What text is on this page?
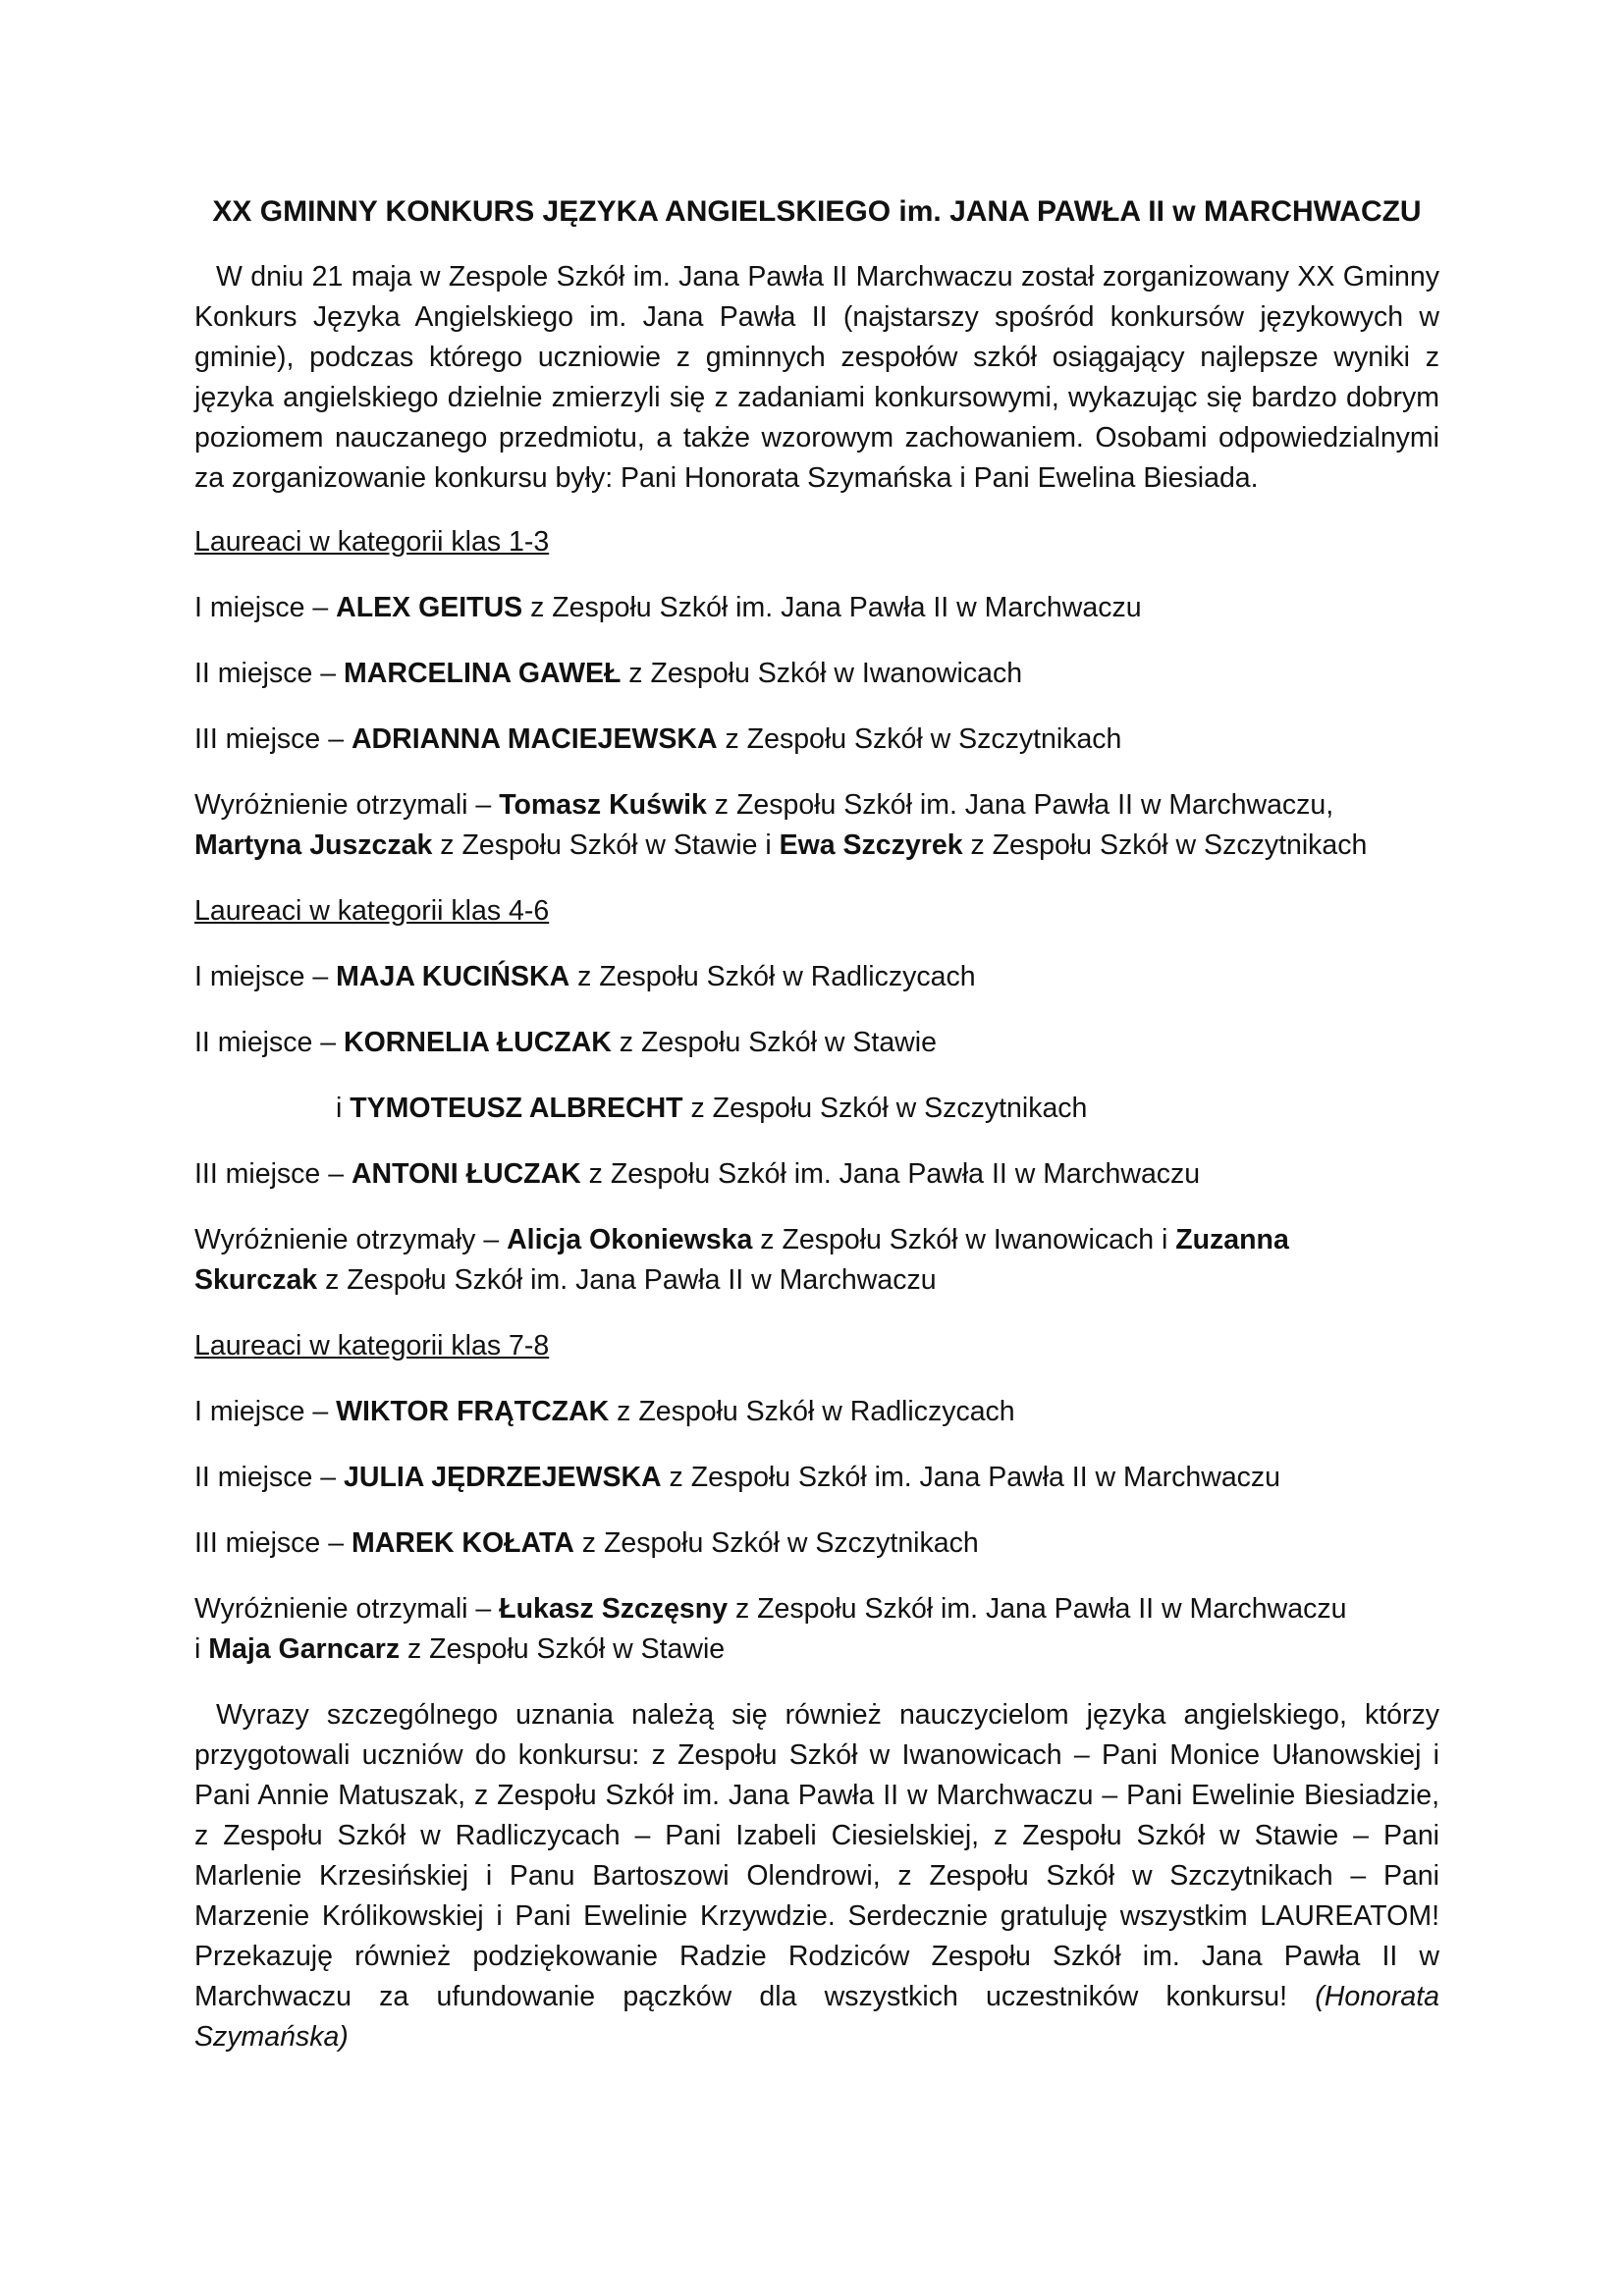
XX GMINNY KONKURS JĘZYKA ANGIELSKIEGO im. JANA PAWŁA II w MARCHWACZU
W dniu 21 maja w Zespole Szkół im. Jana Pawła II Marchwaczu został zorganizowany XX Gminny Konkurs Języka Angielskiego im. Jana Pawła II (najstarszy spośród konkursów językowych w gminie), podczas którego uczniowie z gminnych zespołów szkół osiągający najlepsze wyniki z języka angielskiego dzielnie zmierzyli się z zadaniami konkursowymi, wykazując się bardzo dobrym poziomem nauczanego przedmiotu, a także wzorowym zachowaniem. Osobami odpowiedzialnymi za zorganizowanie konkursu były: Pani Honorata Szymańska i Pani Ewelina Biesiada.
Laureaci w kategorii klas 1-3
I miejsce – ALEX GEITUS z Zespołu Szkół im. Jana Pawła II w Marchwaczu
II miejsce – MARCELINA GAWEŁ z Zespołu Szkół w Iwanowicach
III miejsce – ADRIANNA MACIEJEWSKA z Zespołu Szkół w Szczytnikach
Wyróżnienie otrzymali – Tomasz Kuświk z Zespołu Szkół im. Jana Pawła II w Marchwaczu,
Martyna Juszczak z Zespołu Szkół w Stawie i Ewa Szczyrek z Zespołu Szkół w Szczytnikach
Laureaci w kategorii klas 4-6
I miejsce – MAJA KUCIŃSKA z Zespołu Szkół w Radliczycach
II miejsce – KORNELIA ŁUCZAK z Zespołu Szkół w Stawie
i TYMOTEUSZ ALBRECHT z Zespołu Szkół w Szczytnikach
III miejsce – ANTONI ŁUCZAK z Zespołu Szkół im. Jana Pawła II w Marchwaczu
Wyróżnienie otrzymały – Alicja Okoniewska z Zespołu Szkół w Iwanowicach i Zuzanna
Skurczak z Zespołu Szkół im. Jana Pawła II w Marchwaczu
Laureaci w kategorii klas 7-8
I miejsce – WIKTOR FRĄTCZAK z Zespołu Szkół w Radliczycach
II miejsce – JULIA JĘDRZEJEWSKA z Zespołu Szkół im. Jana Pawła II w Marchwaczu
III miejsce – MAREK KOŁATA z Zespołu Szkół w Szczytnikach
Wyróżnienie otrzymali – Łukasz Szczęsny z Zespołu Szkół im. Jana Pawła II w Marchwaczu
i Maja Garncarz z Zespołu Szkół w Stawie
Wyrazy szczególnego uznania należą się również nauczycielom języka angielskiego, którzy przygotowali uczniów do konkursu: z Zespołu Szkół w Iwanowicach – Pani Monice Ułanowskiej i Pani Annie Matuszak, z Zespołu Szkół im. Jana Pawła II w Marchwaczu – Pani Ewelinie Biesiadzie, z Zespołu Szkół w Radliczycach – Pani Izabeli Ciesielskiej, z Zespołu Szkół w Stawie – Pani Marlenie Krzesińskiej i Panu Bartoszowi Olendrowi, z Zespołu Szkół w Szczytnikach – Pani Marzenie Królikowskiej i Pani Ewelinie Krzywdzie. Serdecznie gratuluję wszystkim LAUREATOM! Przekazuję również podziękowanie Radzie Rodziców Zespołu Szkół im. Jana Pawła II w Marchwaczu za ufundowanie pączków dla wszystkich uczestników konkursu! (Honorata Szymańska)
